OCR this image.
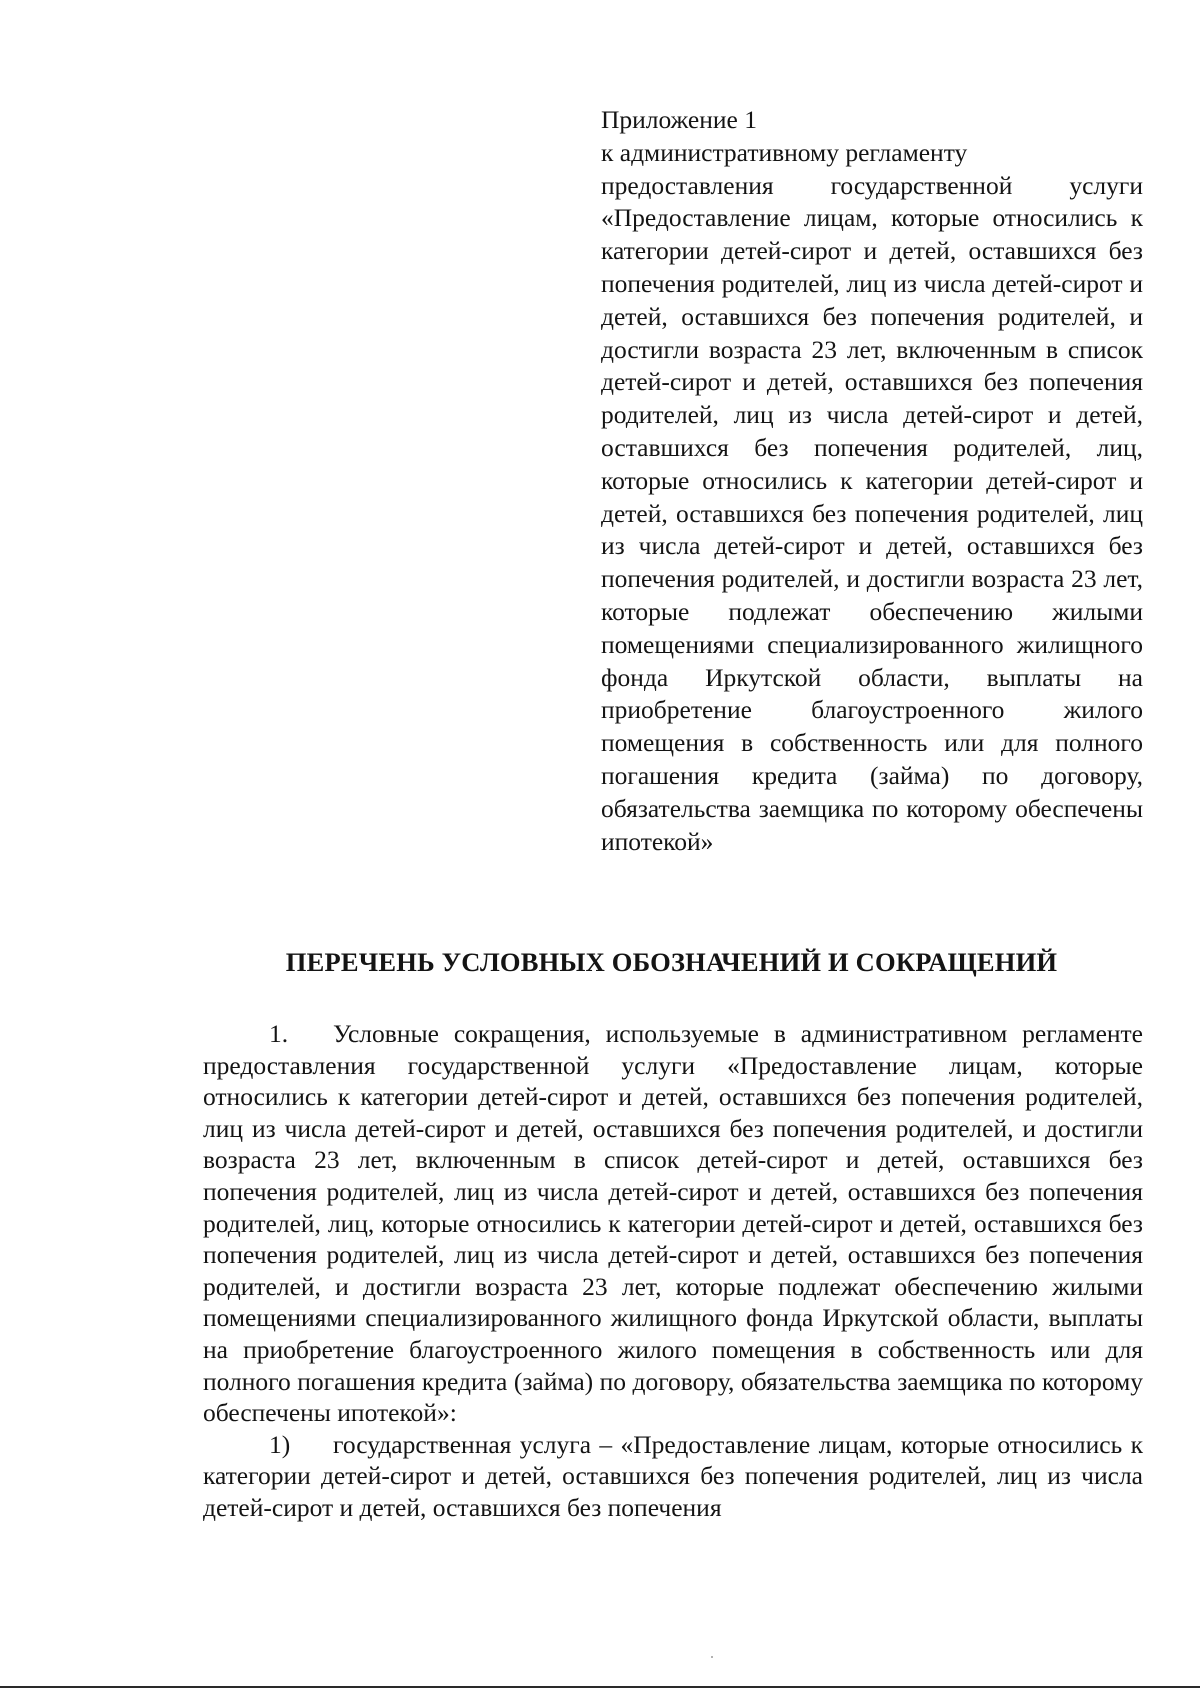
Приложение 1
к административному регламенту
предоставления государственной услуги «Предоставление лицам, которые относились к категории детей-сирот и детей, оставшихся без попечения родителей, лиц из числа детей-сирот и детей, оставшихся без попечения родителей, и достигли возраста 23 лет, включенным в список детей-сирот и детей, оставшихся без попечения родителей, лиц из числа детей-сирот и детей, оставшихся без попечения родителей, лиц, которые относились к категории детей-сирот и детей, оставшихся без попечения родителей, лиц из числа детей-сирот и детей, оставшихся без попечения родителей, и достигли возраста 23 лет, которые подлежат обеспечению жилыми помещениями специализированного жилищного фонда Иркутской области, выплаты на приобретение благоустроенного жилого помещения в собственность или для полного погашения кредита (займа) по договору, обязательства заемщика по которому обеспечены ипотекой»
ПЕРЕЧЕНЬ УСЛОВНЫХ ОБОЗНАЧЕНИЙ И СОКРАЩЕНИЙ

1. Условные сокращения, используемые в административном регламенте предоставления государственной услуги «Предоставление лицам, которые относились к категории детей-сирот и детей, оставшихся без попечения родителей, лиц из числа детей-сирот и детей, оставшихся без попечения родителей, и достигли возраста 23 лет, включенным в список детей-сирот и детей, оставшихся без попечения родителей, лиц из числа детей-сирот и детей, оставшихся без попечения родителей, лиц, которые относились к категории детей-сирот и детей, оставшихся без попечения родителей, лиц из числа детей-сирот и детей, оставшихся без попечения родителей, и достигли возраста 23 лет, которые подлежат обеспечению жилыми помещениями специализированного жилищного фонда Иркутской области, выплаты на приобретение благоустроенного жилого помещения в собственность или для полного погашения кредита (займа) по договору, обязательства заемщика по которому обеспечены ипотекой»:

1) государственная услуга – «Предоставление лицам, которые относились к категории детей-сирот и детей, оставшихся без попечения родителей, лиц из числа детей-сирот и детей, оставшихся без попечения
